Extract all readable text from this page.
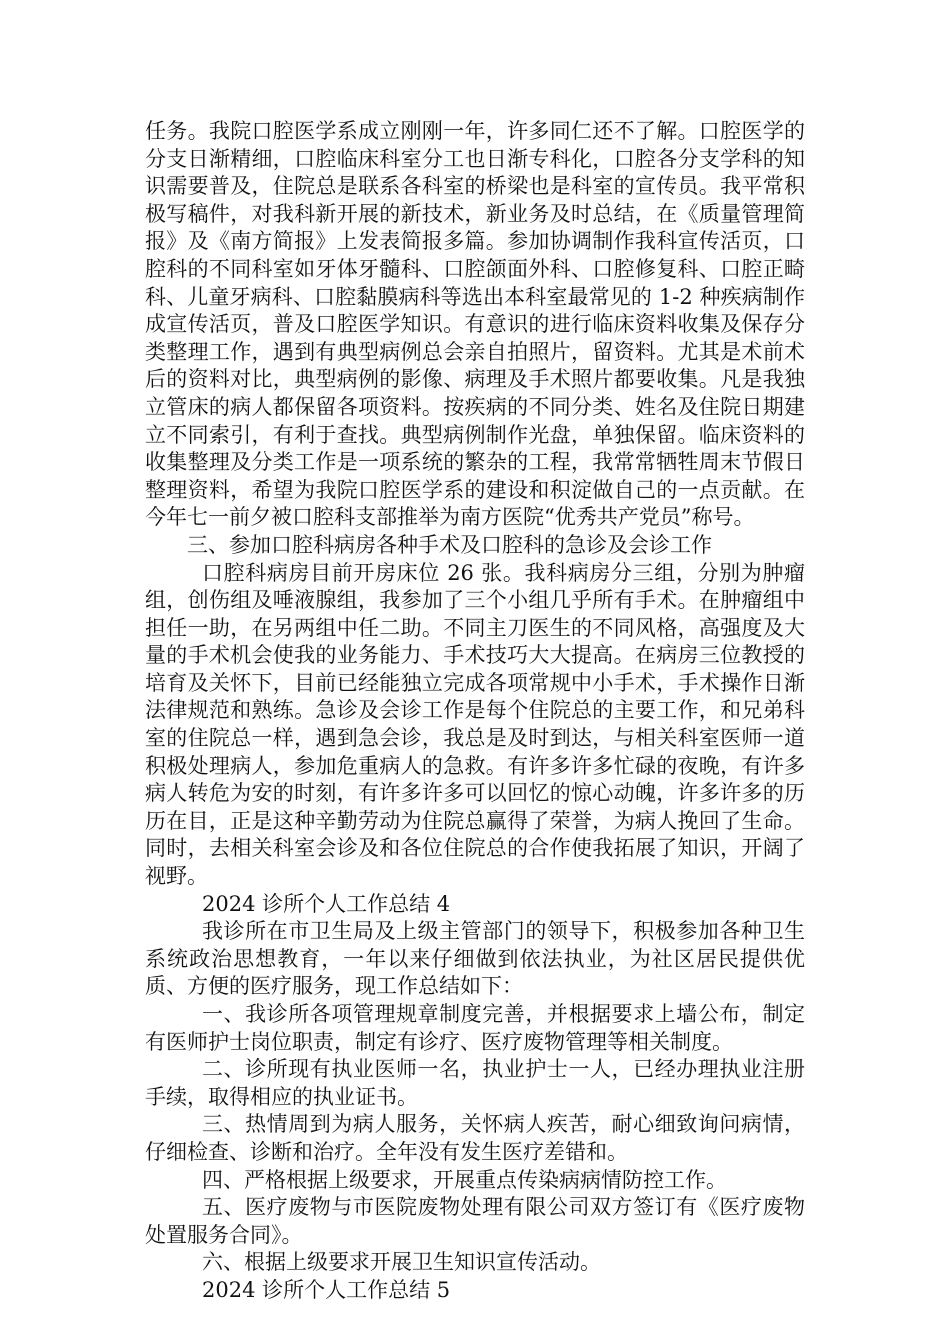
任务。我院口腔医学系成立刚刚一年，许多同仁还不了解。口腔医学的分支日渐精细，口腔临床科室分工也日渐专科化，口腔各分支学科的知识需要普及，住院总是联系各科室的桥梁也是科室的宣传员。我平常积极写稿件，对我科新开展的新技术，新业务及时总结，在《质量管理简报》及《南方简报》上发表简报多篇。参加协调制作我科宣传活页，口腔科的不同科室如牙体牙髓科、口腔颌面外科、口腔修复科、口腔正畸科、儿童牙病科、口腔黏膜病科等选出本科室最常见的 1-2 种疾病制作成宣传活页，普及口腔医学知识。有意识的进行临床资料收集及保存分类整理工作，遇到有典型病例总会亲自拍照片，留资料。尤其是术前术后的资料对比，典型病例的影像、病理及手术照片都要收集。凡是我独立管床的病人都保留各项资料。按疾病的不同分类、姓名及住院日期建立不同索引，有利于查找。典型病例制作光盘，单独保留。临床资料的收集整理及分类工作是一项系统的繁杂的工程，我常常牺牲周末节假日整理资料，希望为我院口腔医学系的建设和积淀做自己的一点贡献。在今年七一前夕被口腔科支部推举为南方医院“优秀共产党员”称号。

三、参加口腔科病房各种手术及口腔科的急诊及会诊工作

口腔科病房目前开房床位 26 张。我科病房分三组，分别为肿瘤组，创伤组及唾液腺组，我参加了三个小组几乎所有手术。在肿瘤组中担任一助，在另两组中任二助。不同主刀医生的不同风格，高强度及大量的手术机会使我的业务能力、手术技巧大大提高。在病房三位教授的培育及关怀下，目前已经能独立完成各项常规中小手术，手术操作日渐法律规范和熟练。急诊及会诊工作是每个住院总的主要工作，和兄弟科室的住院总一样，遇到急会诊，我总是及时到达，与相关科室医师一道积极处理病人，参加危重病人的急救。有许多许多忙碌的夜晚，有许多病人转危为安的时刻，有许多许多可以回忆的惊心动魄，许多许多的历历在目，正是这种辛勤劳动为住院总赢得了荣誉，为病人挽回了生命。同时，去相关科室会诊及和各位住院总的合作使我拓展了知识，开阔了视野。

2024 诊所个人工作总结 4

我诊所在市卫生局及上级主管部门的领导下，积极参加各种卫生系统政治思想教育，一年以来仔细做到依法执业，为社区居民提供优质、方便的医疗服务，现工作总结如下：

一、我诊所各项管理规章制度完善，并根据要求上墙公布，制定有医师护士岗位职责，制定有诊疗、医疗废物管理等相关制度。

二、诊所现有执业医师一名，执业护士一人，已经办理执业注册手续，取得相应的执业证书。

三、热情周到为病人服务，关怀病人疾苦，耐心细致询问病情，仔细检查、诊断和治疗。全年没有发生医疗差错和。

四、严格根据上级要求，开展重点传染病病情防控工作。

五、医疗废物与市医院废物处理有限公司双方签订有《医疗废物处置服务合同》。

六、根据上级要求开展卫生知识宣传活动。

2024 诊所个人工作总结 5
